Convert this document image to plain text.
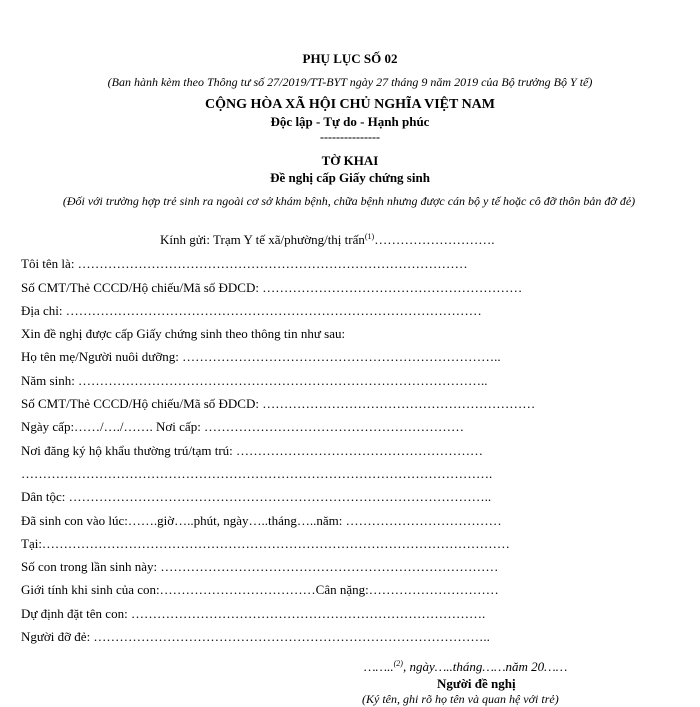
PHỤ LỤC SỐ 02
(Ban hành kèm theo Thông tư số 27/2019/TT-BYT ngày 27 tháng 9 năm 2019 của Bộ trưởng Bộ Y tế)
CỘNG HÒA XÃ HỘI CHỦ NGHĨA VIỆT NAM
Độc lập - Tự do - Hạnh phúc
---------------
TỜ KHAI
Đề nghị cấp Giấy chứng sinh
(Đối với trường hợp trẻ sinh ra ngoài cơ sở khám bệnh, chữa bệnh nhưng được cán bộ y tế hoặc cô đỡ thôn bản đỡ đẻ)
Kính gửi: Trạm Y tế xã/phường/thị trấn$^{(1)}$……………………….
Tôi tên là: ………………………………………………………………………………
Số CMT/Thẻ CCCD/Hộ chiếu/Mã số ĐDCD: ……………………………………………………
Địa chỉ: ……………………………………………………………………………………
Xin đề nghị được cấp Giấy chứng sinh theo thông tin như sau:
Họ tên mẹ/Người nuôi dưỡng: ………………………………………………………………..
Năm sinh: …………………………………………………………………………………..
Số CMT/Thẻ CCCD/Hộ chiếu/Mã số ĐDCD: ………………………………………………………
Ngày cấp:……/…./……. Nơi cấp: ……………………………………………………
Nơi đăng ký hộ khẩu thường trú/tạm trú: …………………………………………………
……………………………………………………………………………………………….
Dân tộc: ……………………………………………………………………………………..
Đã sinh con vào lúc:…….giờ…..phút, ngày…..tháng…..năm: ………………………………
Tại:………………………………………………………………………………………………
Số con trong lần sinh này: ……………………………………………………………………
Giới tính khi sinh của con:………………………………Cân nặng:…………………………
Dự định đặt tên con: ……………………………………………………………………….
Người đỡ đẻ: ………………………………………………………………………………..
……..$^{(2)}$, ngày…..tháng……năm 20……
Người đề nghị
(Ký tên, ghi rõ họ tên và quan hệ với trẻ)
